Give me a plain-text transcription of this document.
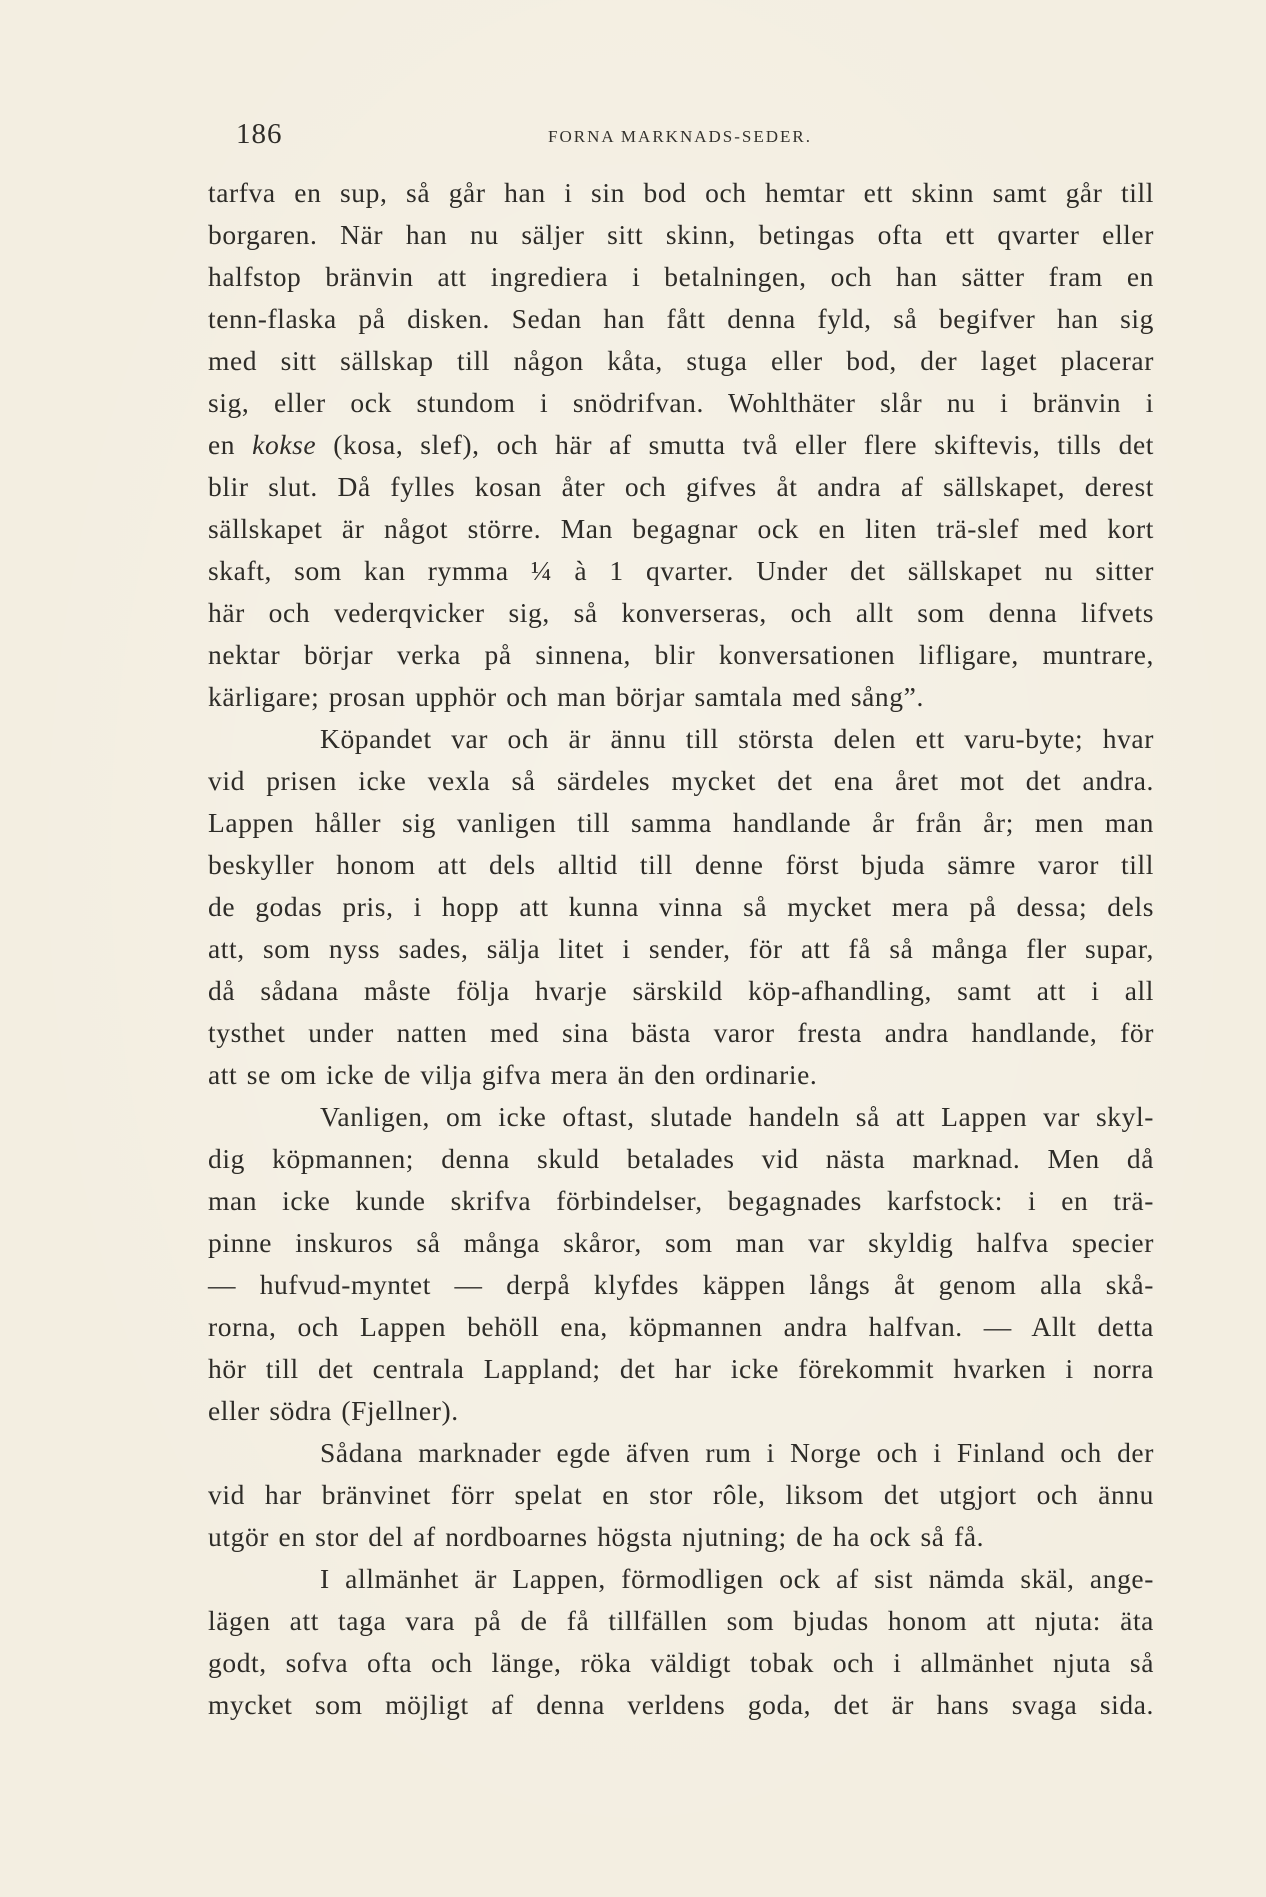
186	FORNA MARKNADS-SEDER.
tarfva en sup, så går han i sin bod och hemtar ett skinn samt går till
borgaren. När han nu säljer sitt skinn, betingas ofta ett qvarter eller
halfstop bränvin att ingrediera i betalningen, och han sätter fram en
tenn-flaska på disken. Sedan han fått denna fyld, så begifver han sig
med sitt sällskap till någon kåta, stuga eller bod, der laget placerar
sig, eller ock stundom i snödrifvan. Wohlthäter slår nu i bränvin i
en kokse (kosa, slef), och här af smutta två eller flere skiftevis, tills det
blir slut. Då fylles kosan åter och gifves åt andra af sällskapet, derest
sällskapet är något större. Man begagnar ock en liten trä-slef med kort
skaft, som kan rymma ¼ à 1 qvarter. Under det sällskapet nu sitter
här och vederqvicker sig, så konverseras, och allt som denna lifvets
nektar börjar verka på sinnena, blir konversationen lifligare, muntrare,
kärligare; prosan upphör och man börjar samtala med sång”.
Köpandet var och är ännu till största delen ett varu-byte; hvar
vid prisen icke vexla så särdeles mycket det ena året mot det andra.
Lappen håller sig vanligen till samma handlande år från år; men man
beskyller honom att dels alltid till denne först bjuda sämre varor till
de godas pris, i hopp att kunna vinna så mycket mera på dessa; dels
att, som nyss sades, sälja litet i sender, för att få så många fler supar,
då sådana måste följa hvarje särskild köp-afhandling, samt att i all
tysthet under natten med sina bästa varor fresta andra handlande, för
att se om icke de vilja gifva mera än den ordinarie.
Vanligen, om icke oftast, slutade handeln så att Lappen var skyl-
dig köpmannen; denna skuld betalades vid nästa marknad. Men då
man icke kunde skrifva förbindelser, begagnades karfstock: i en trä-
pinne inskuros så många skåror, som man var skyldig halfva specier
— hufvud-myntet — derpå klyfdes käppen långs åt genom alla skå-
rorna, och Lappen behöll ena, köpmannen andra halfvan. — Allt detta
hör till det centrala Lappland; det har icke förekommit hvarken i norra
eller södra (Fjellner).
Sådana marknader egde äfven rum i Norge och i Finland och der
vid har bränvinet förr spelat en stor rôle, liksom det utgjort och ännu
utgör en stor del af nordboarnes högsta njutning; de ha ock så få.
I allmänhet är Lappen, förmodligen ock af sist nämda skäl, ange-
lägen att taga vara på de få tillfällen som bjudas honom att njuta: äta
godt, sofva ofta och länge, röka väldigt tobak och i allmänhet njuta så
mycket som möjligt af denna verldens goda, det är hans svaga sida.
